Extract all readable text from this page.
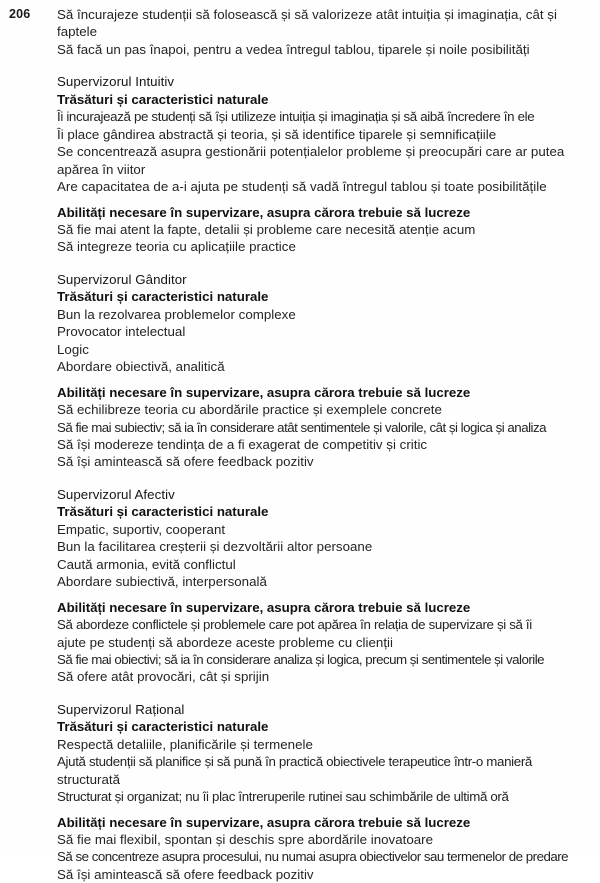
206 Să încurajeze studenții să folosească și să valorizeze atât intuiția și imaginația, cât și
faptele
Să facă un pas înapoi, pentru a vedea întregul tablou, tiparele și noile posibilități
Supervizorul Intuitiv
Trăsături și caracteristici naturale
Îi incurajează pe studenți să își utilizeze intuiția și imaginația și să aibă încredere în ele
Îi place gândirea abstractă și teoria, și să identifice tiparele și semnificațiile
Se concentrează asupra gestionării potențialelor probleme și preocupări care ar putea
apărea în viitor
Are capacitatea de a-i ajuta pe studenți să vadă întregul tablou și toate posibilitățile
Abilități necesare în supervizare, asupra cărora trebuie să lucreze
Să fie mai atent la fapte, detalii și probleme care necesită atenție acum
Să integreze teoria cu aplicațiile practice
Supervizorul Gânditor
Trăsături și caracteristici naturale
Bun la rezolvarea problemelor complexe
Provocator intelectual
Logic
Abordare obiectivă, analitică
Abilități necesare în supervizare, asupra cărora trebuie să lucreze
Să echilibreze teoria cu abordările practice și exemplele concrete
Să fie mai subiectiv; să ia în considerare atât sentimentele și valorile, cât și logica și analiza
Să își modereze tendința de a fi exagerat de competitiv și critic
Să își amintească să ofere feedback pozitiv
Supervizorul Afectiv
Trăsături și caracteristici naturale
Empatic, suportiv, cooperant
Bun la facilitarea creșterii și dezvoltării altor persoane
Caută armonia, evită conflictul
Abordare subiectivă, interpersonală
Abilități necesare în supervizare, asupra cărora trebuie să lucreze
Să abordeze conflictele și problemele care pot apărea în relația de supervizare și să îi
ajute pe studenți să abordeze aceste probleme cu clienții
Să fie mai obiectivi; să ia în considerare analiza și logica, precum și sentimentele și valorile
Să ofere atât provocări, cât și sprijin
Supervizorul Rațional
Trăsături și caracteristici naturale
Respectă detaliile, planificările și termenele
Ajută studenții să planifice și să pună în practică obiectivele terapeutice într-o manieră
structurată
Structurat și organizat; nu îi plac întreruperile rutinei sau schimbările de ultimă oră
Abilități necesare în supervizare, asupra cărora trebuie să lucreze
Să fie mai flexibil, spontan și deschis spre abordările inovatoare
Să se concentreze asupra procesului, nu numai asupra obiectivelor sau termenelor de predare
Să își amintească să ofere feedback pozitiv
